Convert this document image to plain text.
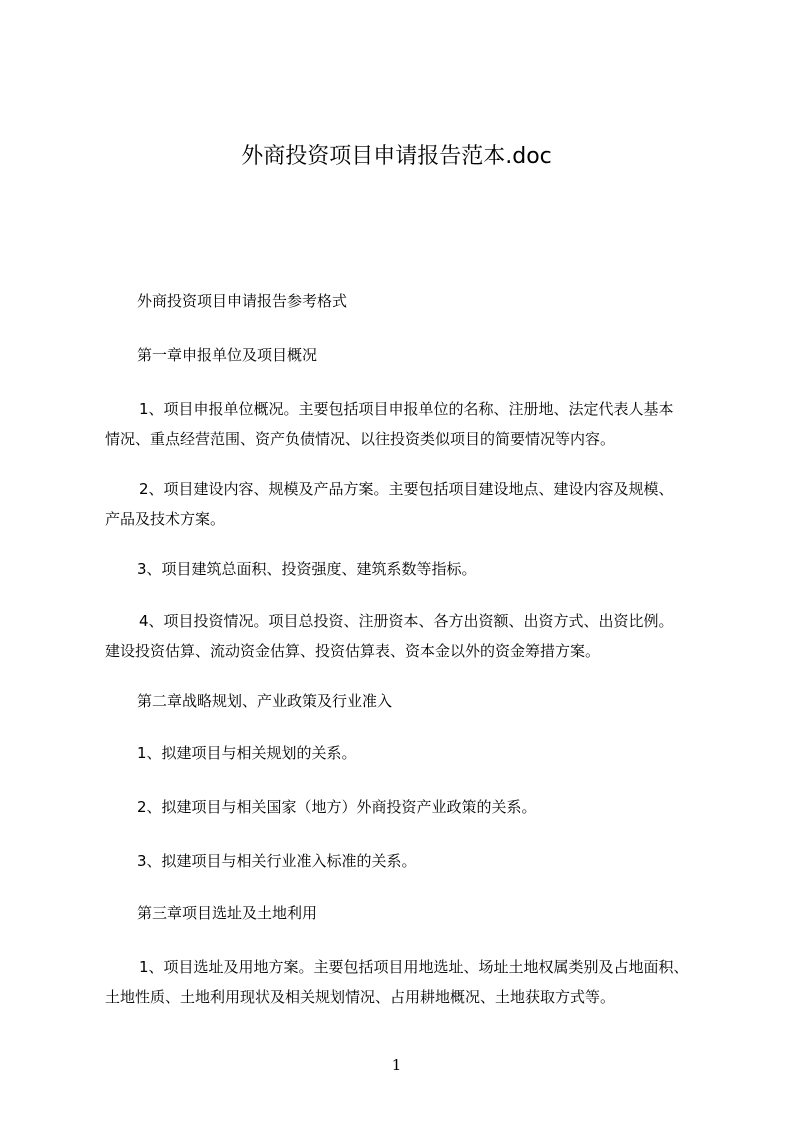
外商投资项目申请报告范本.doc
外商投资项目申请报告参考格式
第一章申报单位及项目概况
1、项目申报单位概况。主要包括项目申报单位的名称、注册地、法定代表人基本
情况、重点经营范围、资产负债情况、以往投资类似项目的简要情况等内容。
2、项目建设内容、规模及产品方案。主要包括项目建设地点、建设内容及规模、
产品及技术方案。
3、项目建筑总面积、投资强度、建筑系数等指标。
4、项目投资情况。项目总投资、注册资本、各方出资额、出资方式、出资比例。
建设投资估算、流动资金估算、投资估算表、资本金以外的资金筹措方案。
第二章战略规划、产业政策及行业准入
1、拟建项目与相关规划的关系。
2、拟建项目与相关国家（地方）外商投资产业政策的关系。
3、拟建项目与相关行业准入标准的关系。
第三章项目选址及土地利用
1、项目选址及用地方案。主要包括项目用地选址、场址土地权属类别及占地面积、
土地性质、土地利用现状及相关规划情况、占用耕地概况、土地获取方式等。
1
